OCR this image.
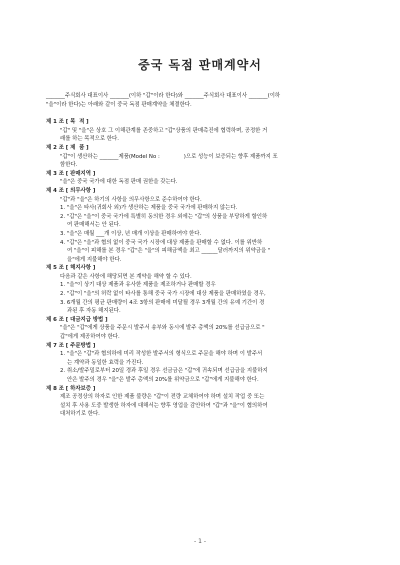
중국 독점 판매계약서

_______주식회사 대표이사 _______(이하 "갑"이라 한다)와 _______주식회사 대표이사 _______(이하

"을"이라 한다)는 아래와 같이 중국 독점 판매계약을 체결한다.

제 1 조 [ 목  적 ]

"갑" 및 "을"은 상호 그 이해관계를 존중하고 "갑"상품의 판매촉진에 협력하며, 공정한 거

래를 하는 목적으로 한다.

제 2 조 [ 제  품 ]

"갑"이 생산하는 _______제품(Model No :              )으로 성능이 보증되는 향후 제품까지 포

함한다.

제 3 조 [ 판매지역 ]

"을"은 중국 국가에 대한 독점 판매 권한을 갖는다.

제 4 조 [ 의무사항 ]

"갑"과 "을"은 하기의 사항을 의무사항으로 준수하여야 한다.

1. "을"은 타사(귀회사 외)가 생산하는 제품을 중국 국가에 판매하지 않는다.

2. "갑"은 "을"이 중국 국가에 특별히 동의한 경우 외에는 "갑"의 상품을 부당하게 할인하

여 판매해서는 안 된다.

3. "을"은 매월 ___개 이상, 년 매개 이상을 판매하여야 한다.

4. "갑"은 "을"과 협의 없이 중국 국가 시장에 대상 제품을 판매할 수 없다. 이를 위반하

여 "을"이 피해를 본 경우 "갑"은 "을"의 피해금액을 최고 ______달러까지의 위약금을 "

을"에게 지불해야 한다.

제 5 조 [ 해지사항 ]

다음과 같은 사항에 해당되면 본 계약을 해약 할 수 있다.

1. "을"이 상기 대상 제품과 유사한 제품을 제조하거나 판매할 경우

2. "갑"이 "을"의 허락 없이 타사를 통해 중국 국가 시장에 대상 제품을 판매하였을 경우,

3. 6개월 간의 평균 판매량이 4조 3항의 판매에 미달될 경우 3개월 간의 유예 기간이 경

과된 후 자동 해지된다.

제 6 조 [ 대금지급 방법 ]

"을"은 "갑"에게 상품을 주문시 발주서 송부와 동시에 발주 총액의 20%를 선급금으로 "

갑"에게 제공하여야 한다.

제 7 조 [ 주문방법 ]

1. "을"은 "갑"과 협의하에 미리 작성한 발주서의 형식으로 주문을 해야 하며 이 발주서

는 계약과 동일한 효력을 가진다.

2. 취소/발주밀로부터 20일 경과 후일 경우 선금금은 "갑"에 귀속되며 선급금을 지불하지

안은 발주의 경우 "을"은 발주 총액의 20%를 위약금으로 "갑"에게 지불해야 한다.

제 8 조 [ 하자보증 ]

제조 공정상의 하자로 인한 제품 불량은 "갑"이 전량 교체하여야 하며 설치 작업 중 또는

설치 후 사용 도중 발생한 하자에 대해서는 향후 영업을 감안하여 "갑"과 "을"이 협의하여

대처하기로 한다.

- 1 -
